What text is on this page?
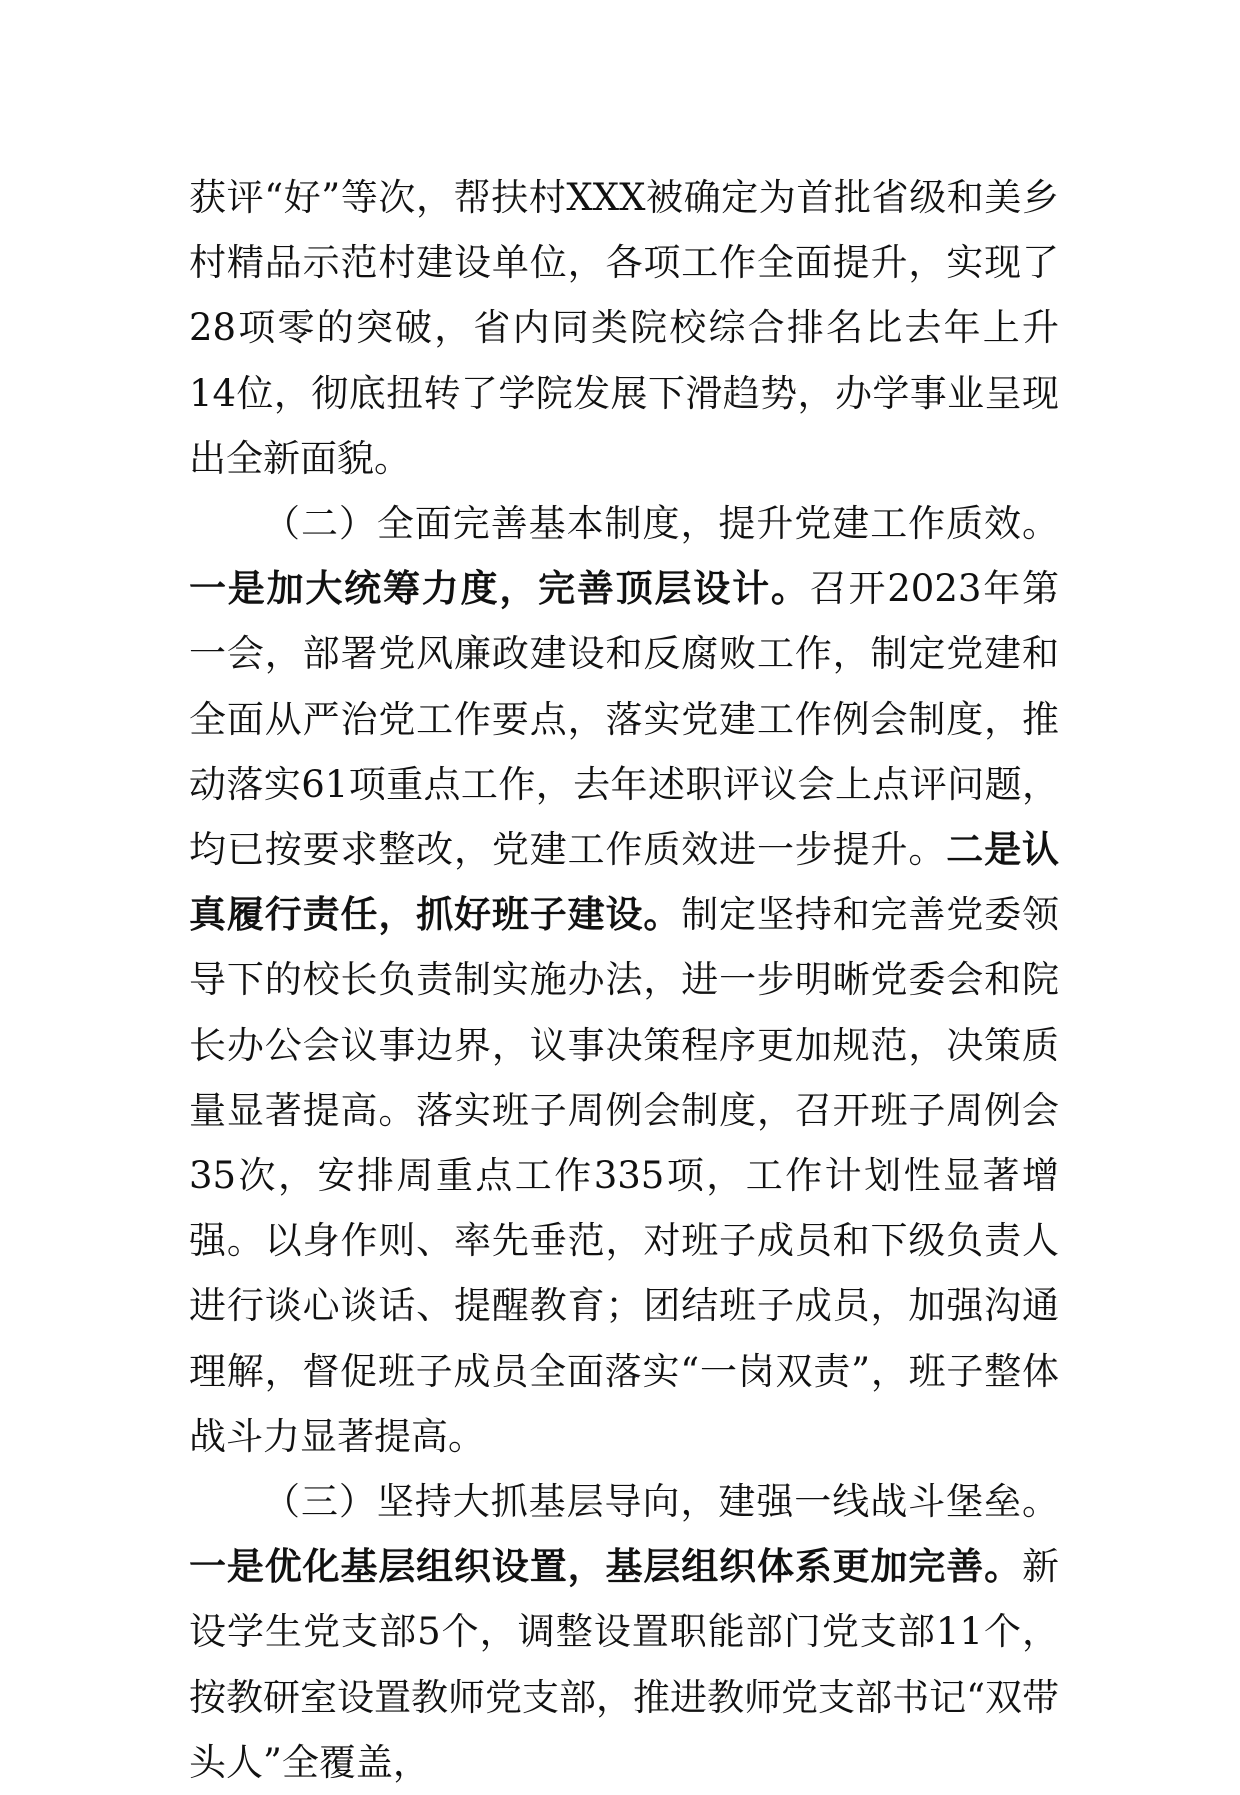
获评“好”等次，帮扶村XXX被确定为首批省级和美乡村精品示范村建设单位，各项工作全面提升，实现了28项零的突破，省内同类院校综合排名比去年上升14位，彻底扭转了学院发展下滑趋势，办学事业呈现出全新面貌。

（二）全面完善基本制度，提升党建工作质效。一是加大统筹力度，完善顶层设计。召开2023年第一会，部署党风廉政建设和反腐败工作，制定党建和全面从严治党工作要点，落实党建工作例会制度，推动落实61项重点工作，去年述职评议会上点评问题，均已按要求整改，党建工作质效进一步提升。二是认真履行责任，抓好班子建设。制定坚持和完善党委领导下的校长负责制实施办法，进一步明晰党委会和院长办公会议事边界，议事决策程序更加规范，决策质量显著提高。落实班子周例会制度，召开班子周例会35次，安排周重点工作335项，工作计划性显著增强。以身作则、率先垂范，对班子成员和下级负责人进行谈心谈话、提醒教育；团结班子成员，加强沟通理解，督促班子成员全面落实“一岗双责”，班子整体战斗力显著提高。

（三）坚持大抓基层导向，建强一线战斗堡垒。一是优化基层组织设置，基层组织体系更加完善。新设学生党支部5个，调整设置职能部门党支部11个，按教研室设置教师党支部，推进教师党支部书记“双带头人”全覆盖，
